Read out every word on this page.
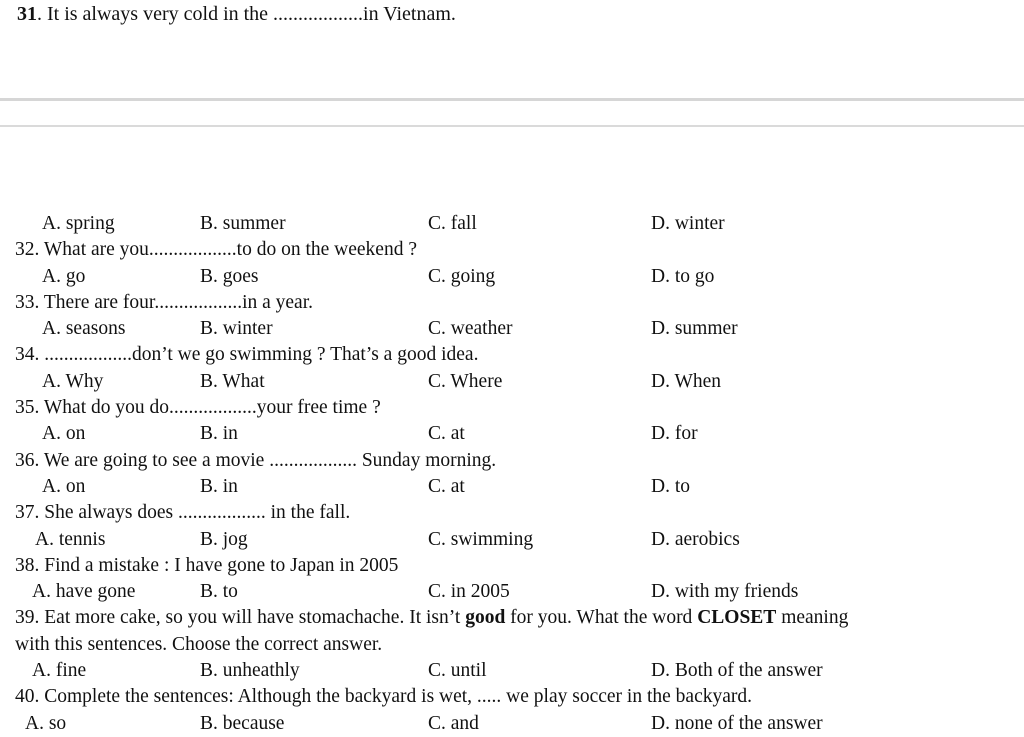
31. It is always very cold in the ..................in Vietnam.
A. spring	B. summer	C. fall	D. winter
32. What are you..................to do on the weekend ?
A. go	B. goes	C. going	D. to go
33. There are four..................in a year.
A. seasons	B. winter	C. weather	D. summer
34. ..................don’t we go swimming ? That’s a good idea.
A. Why	B. What	C. Where	D. When
35. What do you do..................your free time ?
A. on	B. in	C. at	D. for
36. We are going to see a movie .................. Sunday morning.
A. on	B. in	C. at	D. to
37. She always does .................. in the fall.
A. tennis	B. jog	C. swimming	D. aerobics
38. Find a mistake : I have gone to Japan in 2005
A. have gone	B. to	C. in 2005	D. with my friends
39. Eat more cake, so you will have stomachache. It isn’t good for you. What the word CLOSET meaning
with this sentences. Choose the correct answer.
A. fine	B. unheathly	C. until	D. Both of the answer
40. Complete the sentences: Although the backyard is wet, ..... we play soccer in the backyard.
A. so	B. because	C. and	D. none of the answer
